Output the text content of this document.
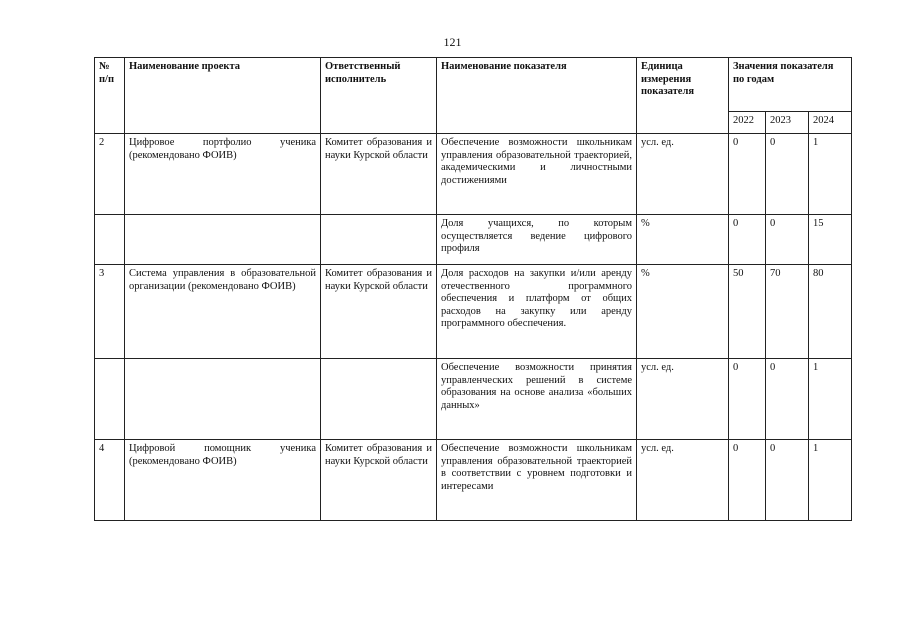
121
№ п/п	Наименование проекта	Ответственный исполнитель	Наименование показателя	Единица измерения показателя	Значения показателя по годам		
					2022	2023	2024
2	Цифровое портфолио ученика (рекомендовано ФОИВ)	Комитет образования и науки Курской области	Обеспечение возможности школьникам управления образовательной траекторией, академическими и личностными достижениями	усл. ед.	0	0	1
			Доля учащихся, по которым осуществляется ведение цифрового профиля	%	0	0	15
3	Система управления в образовательной организации (рекомендовано ФОИВ)	Комитет образования и науки Курской области	Доля расходов на закупки и/или аренду отечественного программного обеспечения и платформ от общих расходов на закупку или аренду программного обеспечения.	%	50	70	80
			Обеспечение возможности принятия управленческих решений в системе образования на основе анализа «больших данных»	усл. ед.	0	0	1
4	Цифровой помощник ученика (рекомендовано ФОИВ)	Комитет образования и науки Курской области	Обеспечение возможности школьникам управления образовательной траекторией в соответствии с уровнем подготовки и интересами	усл. ед.	0	0	1
